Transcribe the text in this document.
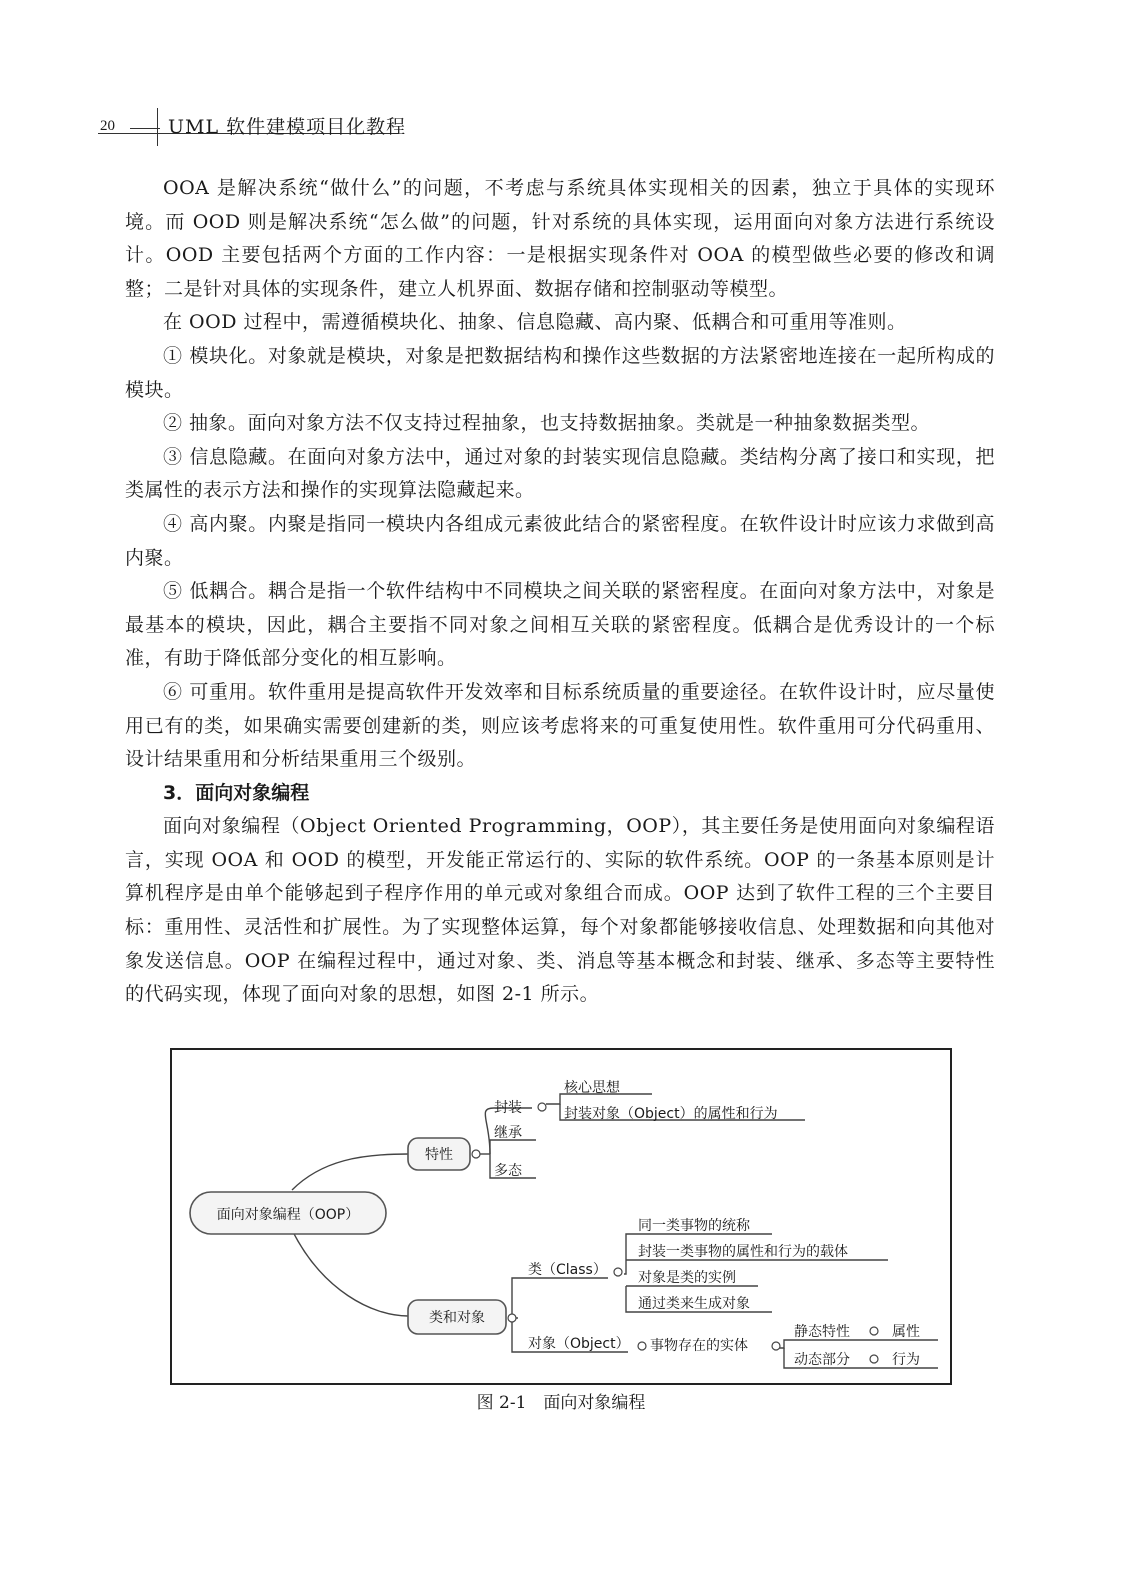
20	UML 软件建模项目化教程

OOA 是解决系统“做什么”的问题，不考虑与系统具体实现相关的因素，独立于具体的实现环境。而 OOD 则是解决系统“怎么做”的问题，针对系统的具体实现，运用面向对象方法进行系统设计。OOD 主要包括两个方面的工作内容：一是根据实现条件对 OOA 的模型做些必要的修改和调整；二是针对具体的实现条件，建立人机界面、数据存储和控制驱动等模型。

在 OOD 过程中，需遵循模块化、抽象、信息隐藏、高内聚、低耦合和可重用等准则。

① 模块化。对象就是模块，对象是把数据结构和操作这些数据的方法紧密地连接在一起所构成的模块。

② 抽象。面向对象方法不仅支持过程抽象，也支持数据抽象。类就是一种抽象数据类型。

③ 信息隐藏。在面向对象方法中，通过对象的封装实现信息隐藏。类结构分离了接口和实现，把类属性的表示方法和操作的实现算法隐藏起来。

④ 高内聚。内聚是指同一模块内各组成元素彼此结合的紧密程度。在软件设计时应该力求做到高内聚。

⑤ 低耦合。耦合是指一个软件结构中不同模块之间关联的紧密程度。在面向对象方法中，对象是最基本的模块，因此，耦合主要指不同对象之间相互关联的紧密程度。低耦合是优秀设计的一个标准，有助于降低部分变化的相互影响。

⑥ 可重用。软件重用是提高软件开发效率和目标系统质量的重要途径。在软件设计时，应尽量使用已有的类，如果确实需要创建新的类，则应该考虑将来的可重复使用性。软件重用可分代码重用、设计结果重用和分析结果重用三个级别。

3．面向对象编程

面向对象编程（Object Oriented Programming，OOP），其主要任务是使用面向对象编程语言，实现 OOA 和 OOD 的模型，开发能正常运行的、实际的软件系统。OOP 的一条基本原则是计算机程序是由单个能够起到子程序作用的单元或对象组合而成。OOP 达到了软件工程的三个主要目标：重用性、灵活性和扩展性。为了实现整体运算，每个对象都能够接收信息、处理数据和向其他对象发送信息。OOP 在编程过程中，通过对象、类、消息等基本概念和封装、继承、多态等主要特性的代码实现，体现了面向对象的思想，如图 2-1 所示。

面向对象编程（OOP）
特性
封装
核心思想
封装对象（Object）的属性和行为
继承
多态
类和对象
类（Class）
同一类事物的统称
封装一类事物的属性和行为的载体
对象是类的实例
通过类来生成对象
对象（Object） 事物存在的实体
静态特性	属性
动态部分	行为
图 2-1　面向对象编程
